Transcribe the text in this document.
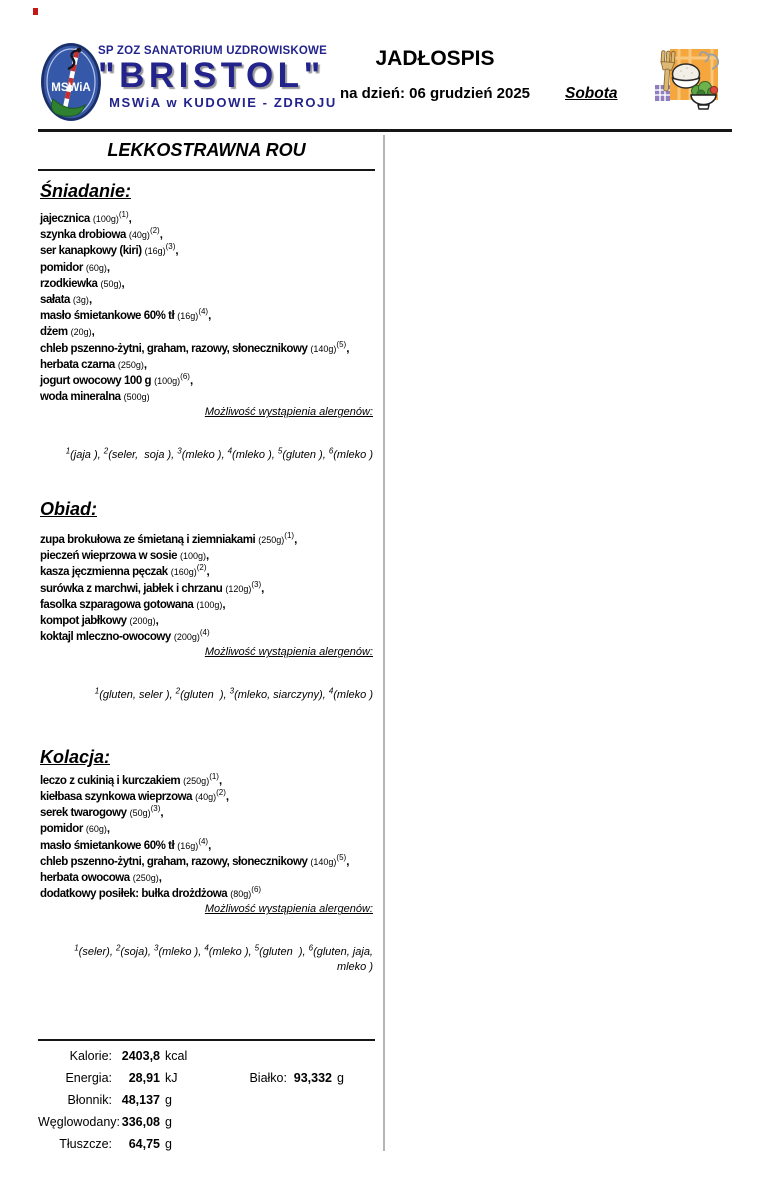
MSWiA
SP ZOZ SANATORIUM UZDROWISKOWE
"BRISTOL"
MSWiA w KUDOWIE - ZDROJU
JADŁOSPIS
na dzień: 06 grudzień 2025	Sobota
LEKKOSTRAWNA ROU
Śniadanie:
jajecznica $(100g)^{(1)}$,
szynka drobiowa $(40g)^{(2)}$,
ser kanapkowy (kiri) $(16g)^{(3)}$,
pomidor (60g),
rzodkiewka (50g),
sałata (3g),
masło śmietankowe 60% tł $(16g)^{(4)}$,
dżem (20g),
chleb pszenno-żytni, graham, razowy, słonecznikowy $(140g)^{(5)}$,
herbata czarna (250g),
jogurt owocowy 100 g $(100g)^{(6)}$,
woda mineralna (500g)
Możliwość wystąpienia alergenów:

$^1$(jaja ), $^2$(seler,  soja ), $^3$(mleko ), $^4$(mleko ), $^5$(gluten ), $^6$(mleko )
Obiad:
zupa brokułowa ze śmietaną i ziemniakami $(250g)^{(1)}$,
pieczeń wieprzowa w sosie (100g),
kasza jęczmienna pęczak $(160g)^{(2)}$,
surówka z marchwi, jabłek i chrzanu $(120g)^{(3)}$,
fasolka szparagowa gotowana (100g),
kompot jabłkowy (200g),
koktajl mleczno-owocowy $(200g)^{(4)}$
Możliwość wystąpienia alergenów:

$^1$(gluten, seler ), $^2$(gluten  ), $^3$(mleko, siarczyny), $^4$(mleko )
Kolacja:
leczo z cukinią i kurczakiem $(250g)^{(1)}$,
kiełbasa szynkowa wieprzowa $(40g)^{(2)}$,
serek twarogowy $(50g)^{(3)}$,
pomidor (60g),
masło śmietankowe 60% tł $(16g)^{(4)}$,
chleb pszenno-żytni, graham, razowy, słonecznikowy $(140g)^{(5)}$,
herbata owocowa (250g),
dodatkowy posiłek: bułka drożdżowa $(80g)^{(6)}$
Możliwość wystąpienia alergenów:

$^1$(seler), $^2$(soja), $^3$(mleko ), $^4$(mleko ), $^5$(gluten  ), $^6$(gluten, jaja, mleko )
Kalorie: 2403,8 kcal
Energia:	28,91 kJ
Błonnik: 48,137 g
Węglowodany: 336,08 g
Tłuszcze:	64,75 g
Białko: 93,332 g
